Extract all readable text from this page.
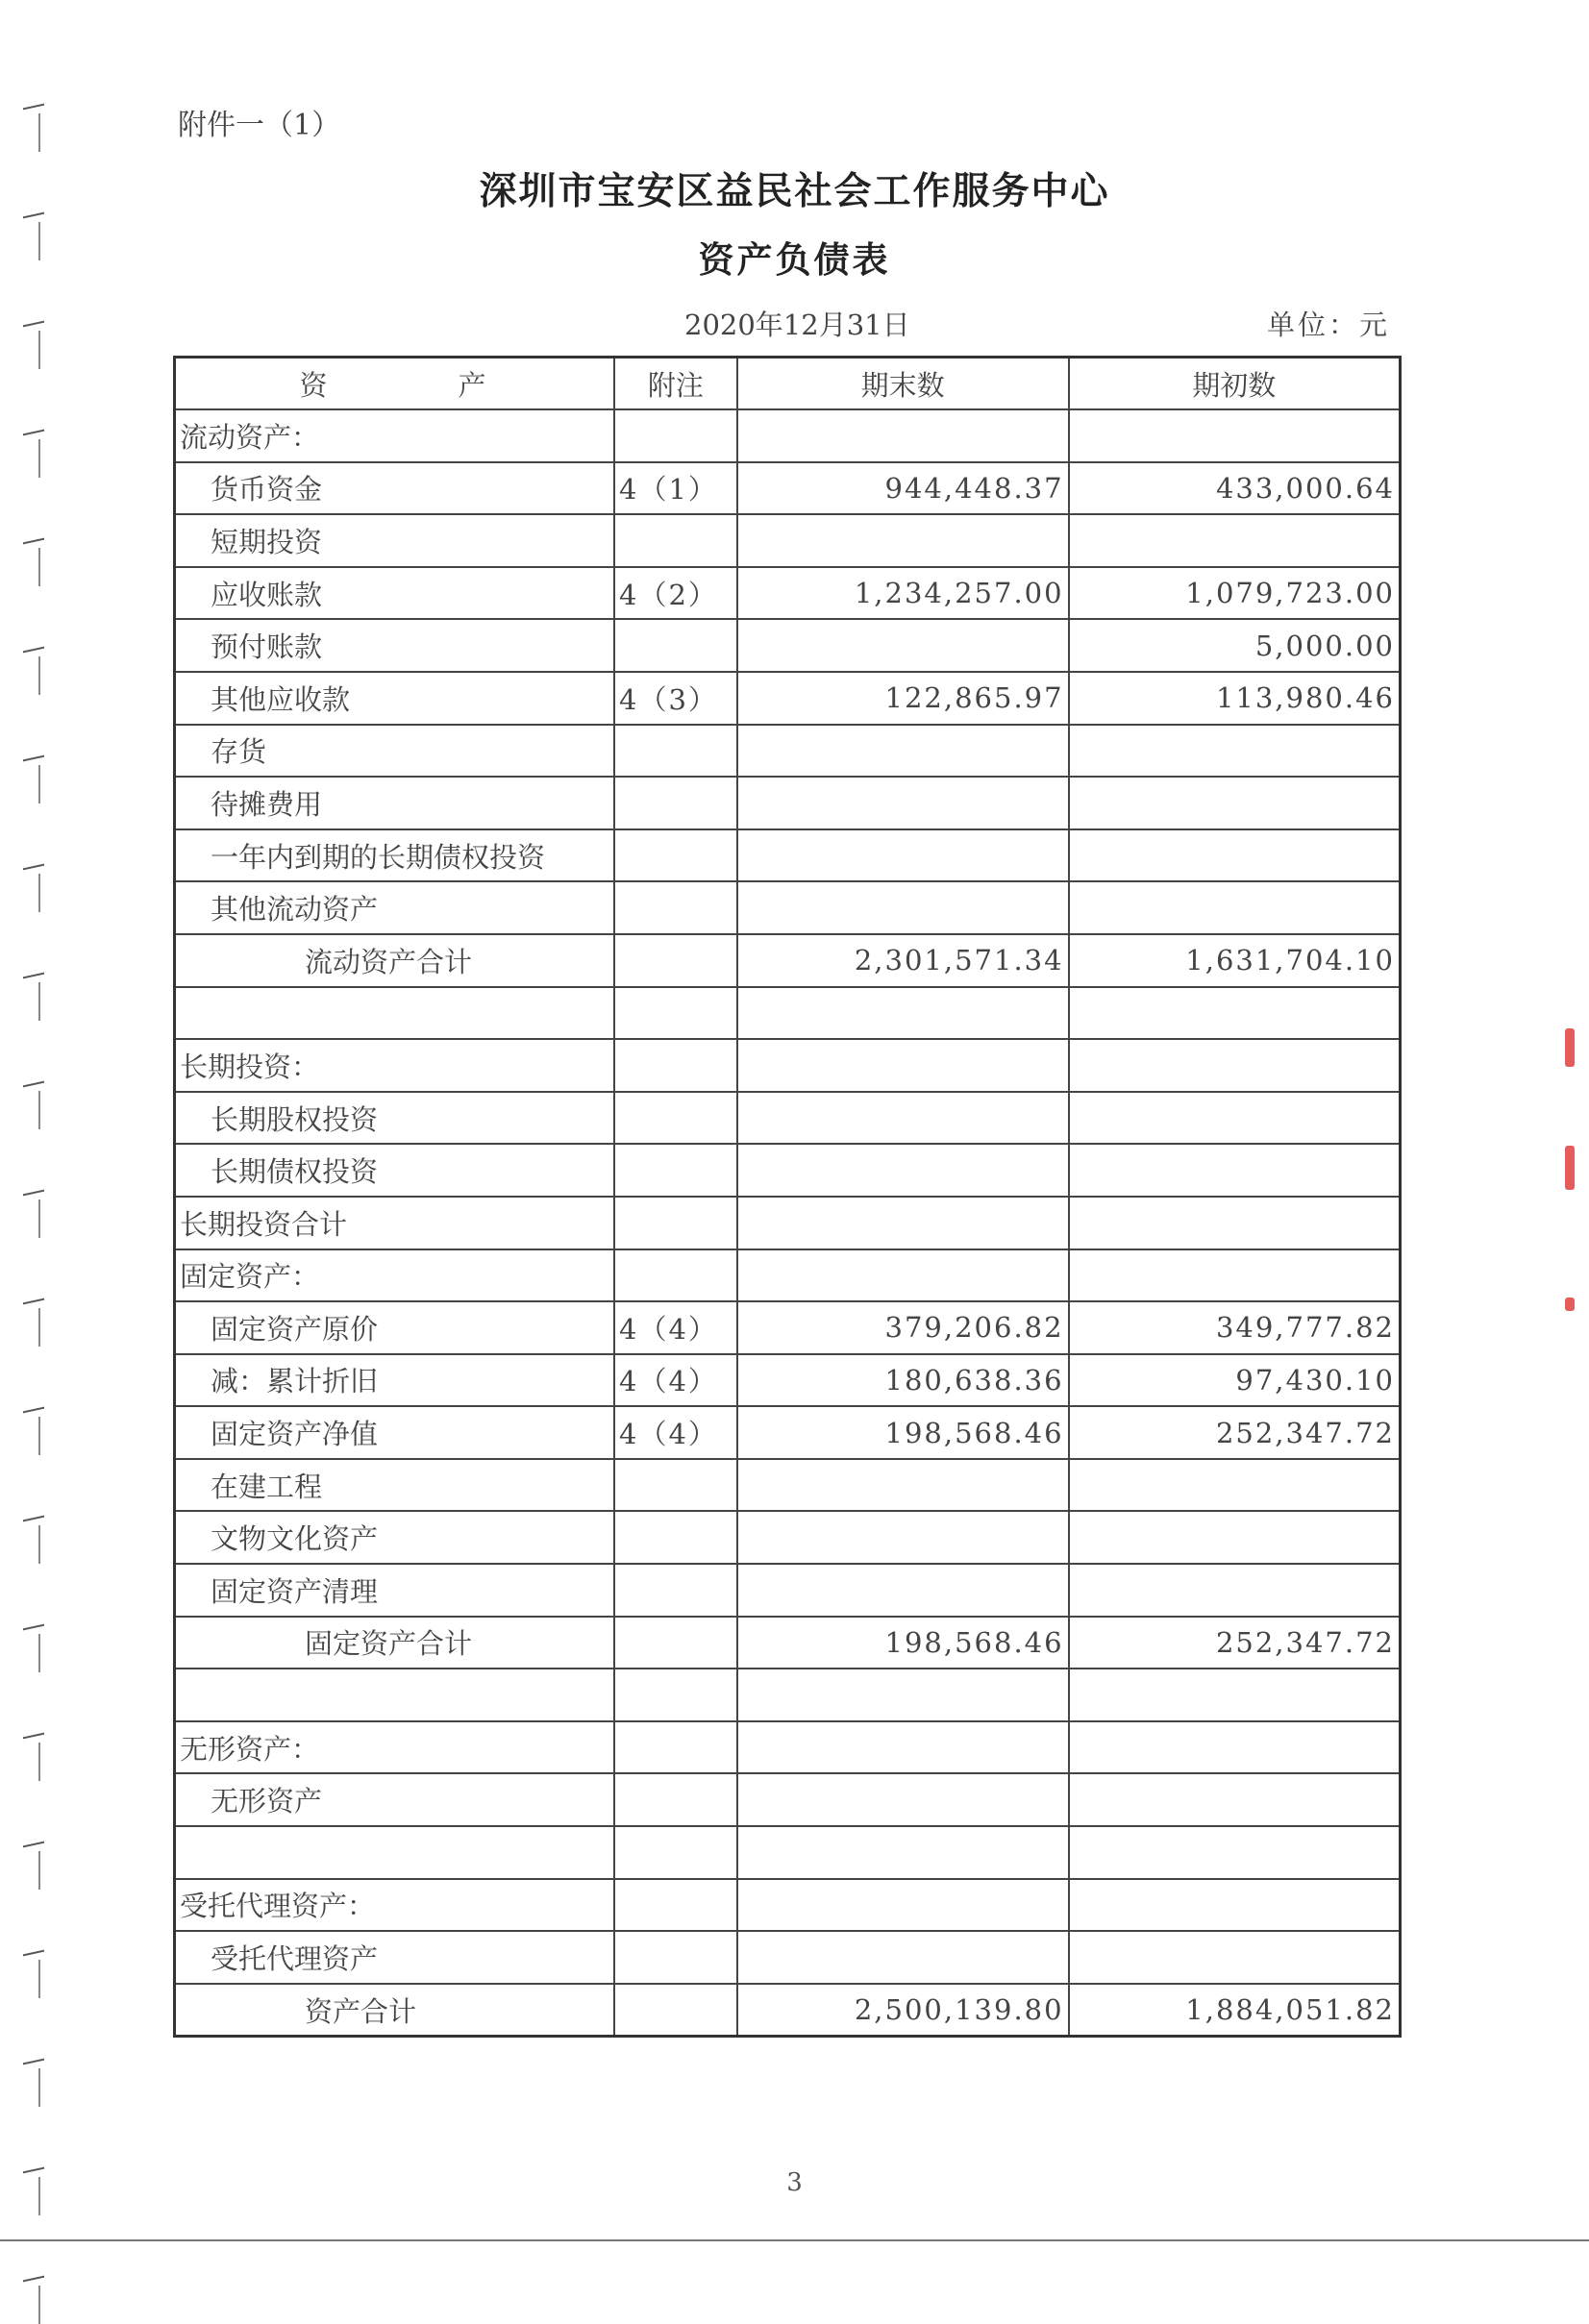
附件一（1）
深圳市宝安区益民社会工作服务中心
资产负债表
2020年12月31日	单位：元
资　　　　产	附注	期末数	期初数
流动资产：			
货币资金	4（1）	944,448.37	433,000.64
短期投资			
应收账款	4（2）	1,234,257.00	1,079,723.00
预付账款			5,000.00
其他应收款	4（3）	122,865.97	113,980.46
存货			
待摊费用			
一年内到期的长期债权投资			
其他流动资产			
流动资产合计		2,301,571.34	1,631,704.10

长期投资：			
长期股权投资			
长期债权投资			
长期投资合计			
固定资产：			
固定资产原价	4（4）	379,206.82	349,777.82
减：累计折旧	4（4）	180,638.36	97,430.10
固定资产净值	4（4）	198,568.46	252,347.72
在建工程			
文物文化资产			
固定资产清理			
固定资产合计		198,568.46	252,347.72

无形资产：			
无形资产			

受托代理资产：			
受托代理资产			
资产合计		2,500,139.80	1,884,051.82
3
